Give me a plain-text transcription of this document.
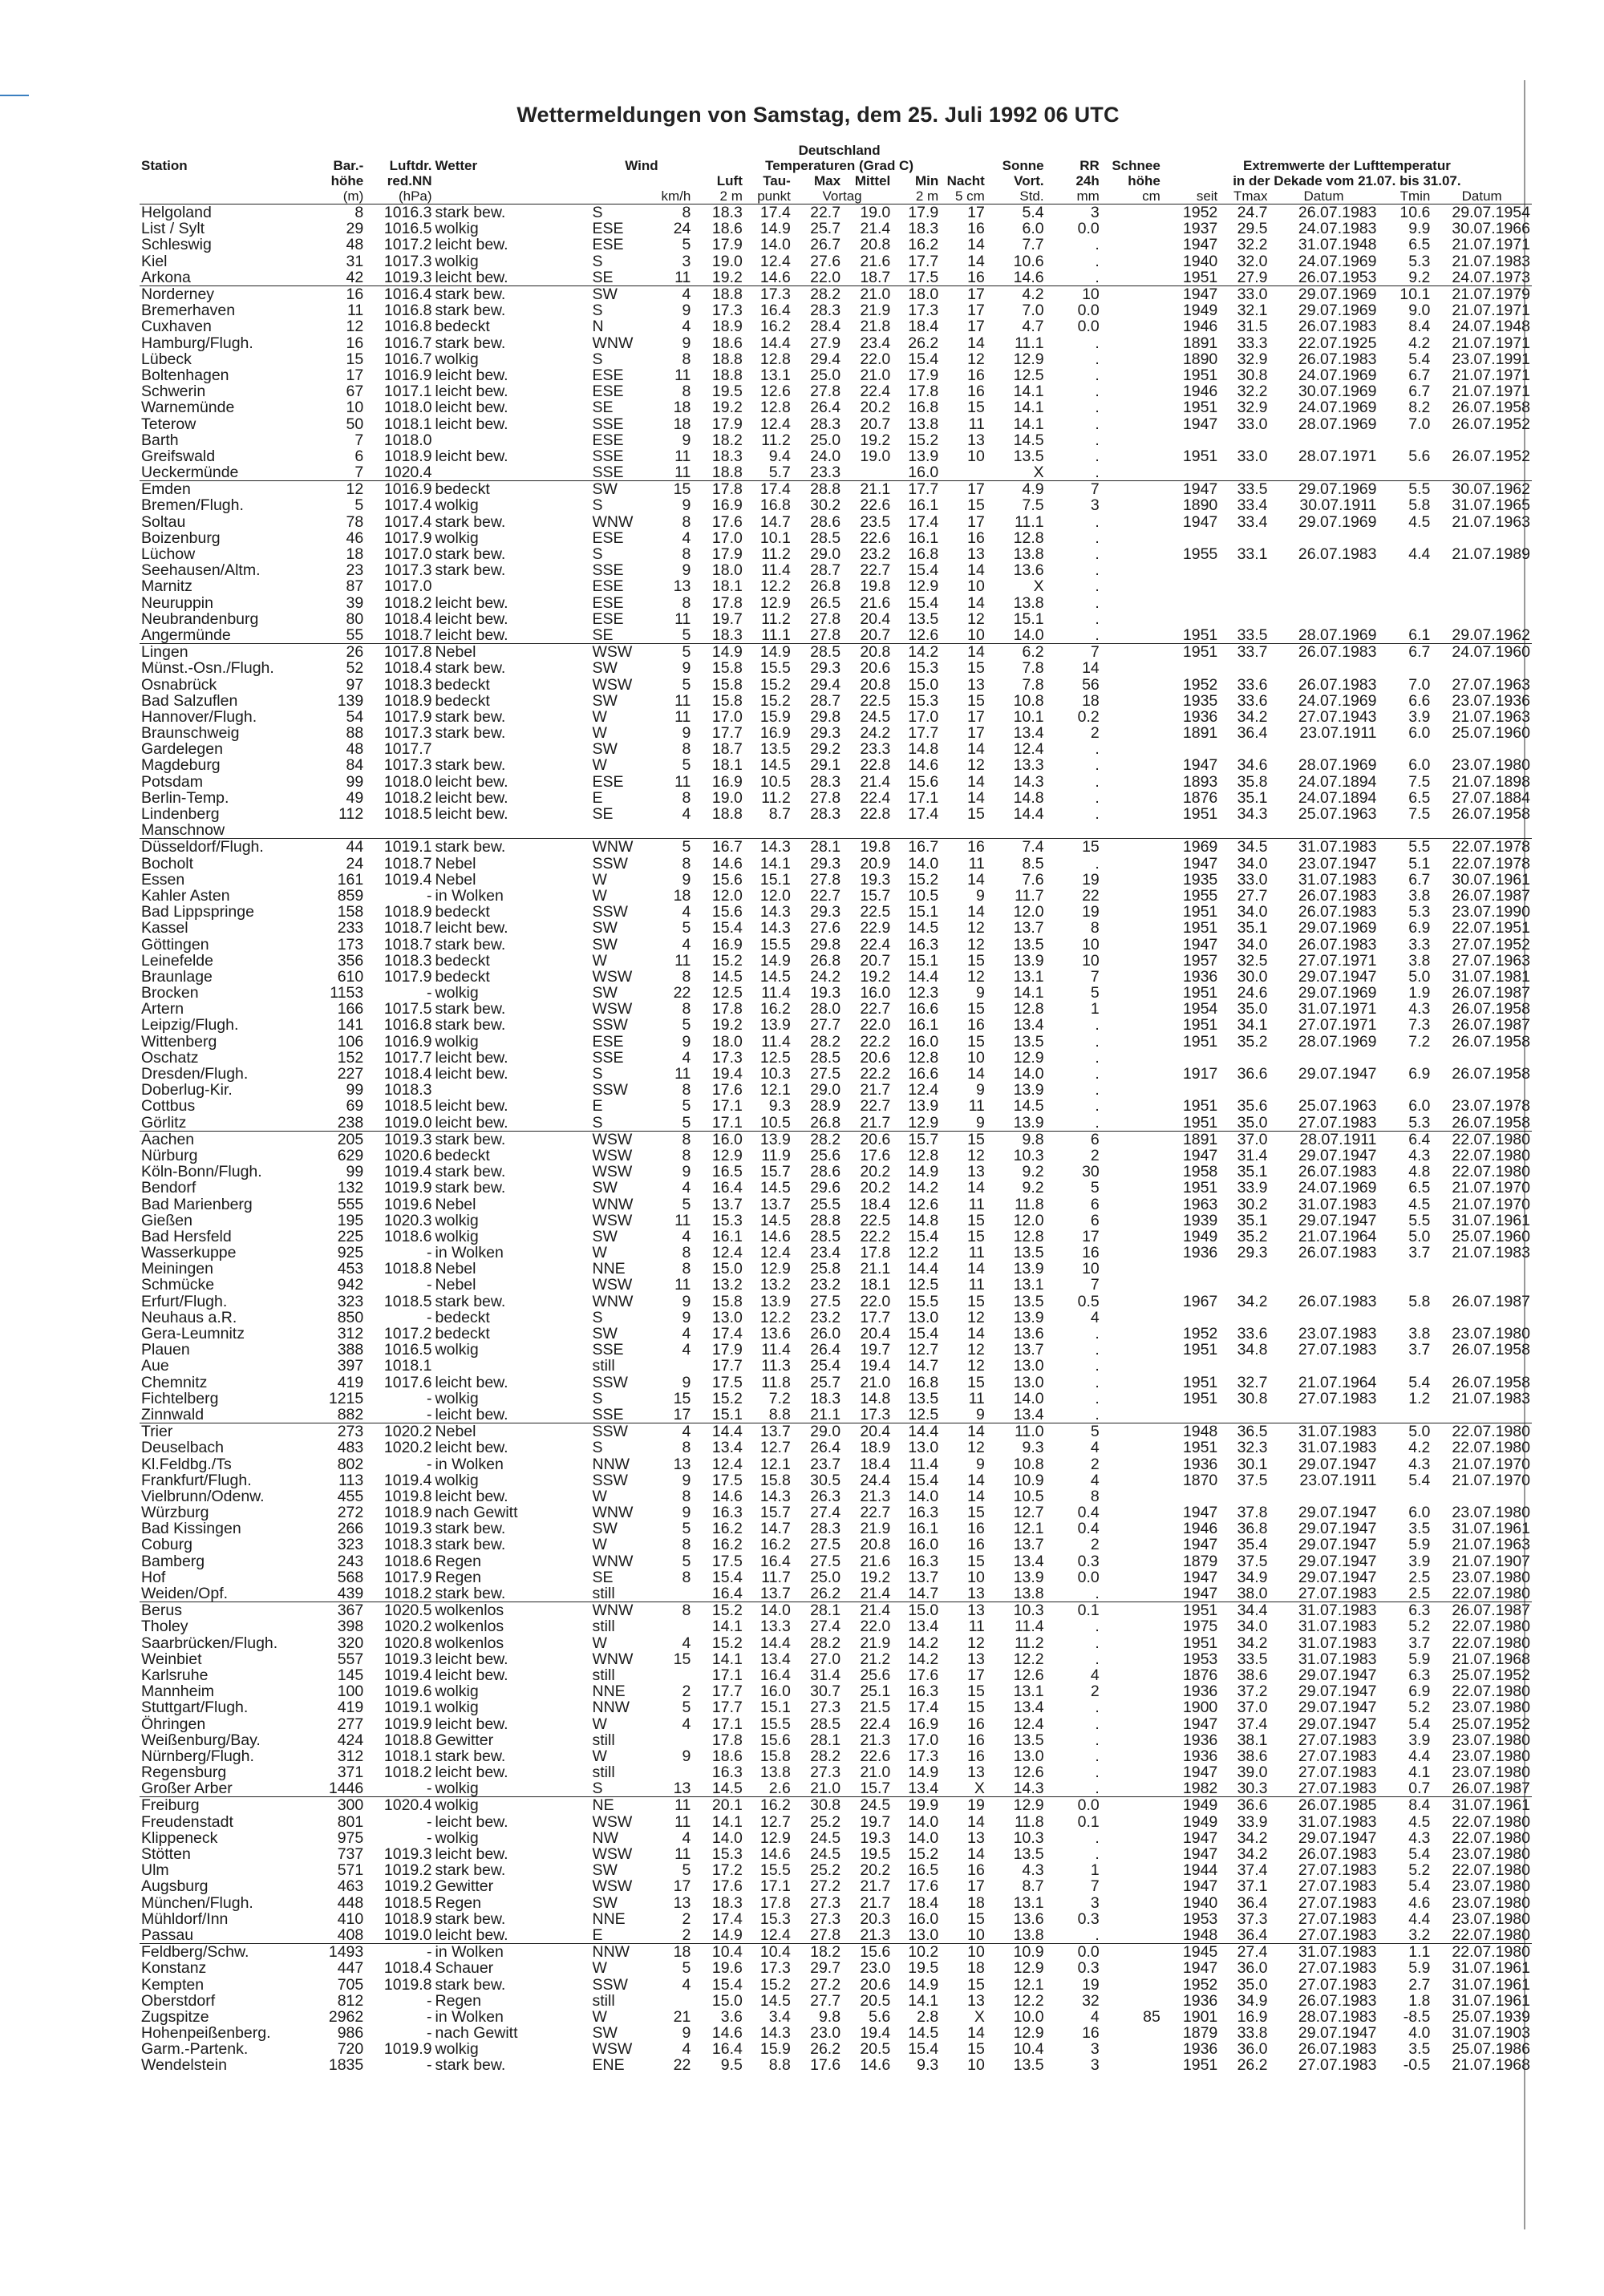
Wettermeldungen von Samstag, dem 25. Juli 1992 06 UTC
						Deutschland													
Station	Bar.-	Luftdr.	Wetter	Wind		Temperaturen (Grad C)						Sonne	RR	Schnee	Extremwerte der Lufttemperatur				
	höhe	red.NN				Luft	Tau-	Max	Mittel	Min	Nacht	Vort.	24h	höhe	in der Dekade vom 21.07. bis 31.07.				
	(m)	(hPa)			km/h	2 m	punkt	Vortag		2 m	5 cm	Std.	mm	cm	seit	Tmax	Datum	Tmin	Datum
Helgoland	8	1016.3	stark bew.	S	8	18.3	17.4	22.7	19.0	17.9	17	5.4	3		1952	24.7	26.07.1983	10.6	29.07.1954
List / Sylt	29	1016.5	wolkig	ESE	24	18.6	14.9	25.7	21.4	18.3	16	6.0	0.0		1937	29.5	24.07.1983	9.9	30.07.1966
Schleswig	48	1017.2	leicht bew.	ESE	5	17.9	14.0	26.7	20.8	16.2	14	7.7	.		1947	32.2	31.07.1948	6.5	21.07.1971
Kiel	31	1017.3	wolkig	S	3	19.0	12.4	27.6	21.6	17.7	14	10.6	.		1940	32.0	24.07.1969	5.3	21.07.1983
Arkona	42	1019.3	leicht bew.	SE	11	19.2	14.6	22.0	18.7	17.5	16	14.6	.		1951	27.9	26.07.1953	9.2	24.07.1973
Norderney	16	1016.4	stark bew.	SW	4	18.8	17.3	28.2	21.0	18.0	17	4.2	10		1947	33.0	29.07.1969	10.1	21.07.1979
Bremerhaven	11	1016.8	stark bew.	S	9	17.3	16.4	28.3	21.9	17.3	17	7.0	0.0		1949	32.1	29.07.1969	9.0	21.07.1971
Cuxhaven	12	1016.8	bedeckt	N	4	18.9	16.2	28.4	21.8	18.4	17	4.7	0.0		1946	31.5	26.07.1983	8.4	24.07.1948
Hamburg/Flugh.	16	1016.7	stark bew.	WNW	9	18.6	14.4	27.9	23.4	26.2	14	11.1	.		1891	33.3	22.07.1925	4.2	21.07.1971
Lübeck	15	1016.7	wolkig	S	8	18.8	12.8	29.4	22.0	15.4	12	12.9	.		1890	32.9	26.07.1983	5.4	23.07.1991
Boltenhagen	17	1016.9	leicht bew.	ESE	11	18.8	13.1	25.0	21.0	17.9	16	12.5	.		1951	30.8	24.07.1969	6.7	21.07.1971
Schwerin	67	1017.1	leicht bew.	ESE	8	19.5	12.6	27.8	22.4	17.8	16	14.1	.		1946	32.2	30.07.1969	6.7	21.07.1971
Warnemünde	10	1018.0	leicht bew.	SE	18	19.2	12.8	26.4	20.2	16.8	15	14.1	.		1951	32.9	24.07.1969	8.2	26.07.1958
Teterow	50	1018.1	leicht bew.	SSE	18	17.9	12.4	28.3	20.7	13.8	11	14.1	.		1947	33.0	28.07.1969	7.0	26.07.1952
Barth	7	1018.0		ESE	9	18.2	11.2	25.0	19.2	15.2	13	14.5	.						
Greifswald	6	1018.9	leicht bew.	SSE	11	18.3	9.4	24.0	19.0	13.9	10	13.5	.		1951	33.0	28.07.1971	5.6	26.07.1952
Ueckermünde	7	1020.4		SSE	11	18.8	5.7	23.3		16.0		X	.						
Emden	12	1016.9	bedeckt	SW	15	17.8	17.4	28.8	21.1	17.7	17	4.9	7		1947	33.5	29.07.1969	5.5	30.07.1962
Bremen/Flugh.	5	1017.4	wolkig	S	9	16.9	16.8	30.2	22.6	16.1	15	7.5	3		1890	33.4	30.07.1911	5.8	31.07.1965
Soltau	78	1017.4	stark bew.	WNW	8	17.6	14.7	28.6	23.5	17.4	17	11.1	.		1947	33.4	29.07.1969	4.5	21.07.1963
Boizenburg	46	1017.9	wolkig	ESE	4	17.0	10.1	28.5	22.6	16.1	16	12.8	.						
Lüchow	18	1017.0	stark bew.	S	8	17.9	11.2	29.0	23.2	16.8	13	13.8	.		1955	33.1	26.07.1983	4.4	21.07.1989
Seehausen/Altm.	23	1017.3	stark bew.	SSE	9	18.0	11.4	28.7	22.7	15.4	14	13.6	.						
Marnitz	87	1017.0		ESE	13	18.1	12.2	26.8	19.8	12.9	10	X	.						
Neuruppin	39	1018.2	leicht bew.	ESE	8	17.8	12.9	26.5	21.6	15.4	14	13.8	.						
Neubrandenburg	80	1018.4	leicht bew.	ESE	11	19.7	11.2	27.8	20.4	13.5	12	15.1	.						
Angermünde	55	1018.7	leicht bew.	SE	5	18.3	11.1	27.8	20.7	12.6	10	14.0	.		1951	33.5	28.07.1969	6.1	29.07.1962
Lingen	26	1017.8	Nebel	WSW	5	14.9	14.9	28.5	20.8	14.2	14	6.2	7		1951	33.7	26.07.1983	6.7	24.07.1960
Münst.-Osn./Flugh.	52	1018.4	stark bew.	SW	9	15.8	15.5	29.3	20.6	15.3	15	7.8	14						
Osnabrück	97	1018.3	bedeckt	WSW	5	15.8	15.2	29.4	20.8	15.0	13	7.8	56		1952	33.6	26.07.1983	7.0	27.07.1963
Bad Salzuflen	139	1018.9	bedeckt	SW	11	15.8	15.2	28.7	22.5	15.3	15	10.8	18		1935	33.6	24.07.1969	6.6	23.07.1936
Hannover/Flugh.	54	1017.9	stark bew.	W	11	17.0	15.9	29.8	24.5	17.0	17	10.1	0.2		1936	34.2	27.07.1943	3.9	21.07.1963
Braunschweig	88	1017.3	stark bew.	W	9	17.7	16.9	29.3	24.2	17.7	17	13.4	2		1891	36.4	23.07.1911	6.0	25.07.1960
Gardelegen	48	1017.7		SW	8	18.7	13.5	29.2	23.3	14.8	14	12.4	.						
Magdeburg	84	1017.3	stark bew.	W	5	18.1	14.5	29.1	22.8	14.6	12	13.3	.		1947	34.6	28.07.1969	6.0	23.07.1980
Potsdam	99	1018.0	leicht bew.	ESE	11	16.9	10.5	28.3	21.4	15.6	14	14.3	.		1893	35.8	24.07.1894	7.5	21.07.1898
Berlin-Temp.	49	1018.2	leicht bew.	E	8	19.0	11.2	27.8	22.4	17.1	14	14.8	.		1876	35.1	24.07.1894	6.5	27.07.1884
Lindenberg	112	1018.5	leicht bew.	SE	4	18.8	8.7	28.3	22.8	17.4	15	14.4	.		1951	34.3	25.07.1963	7.5	26.07.1958
Manschnow																			
Düsseldorf/Flugh.	44	1019.1	stark bew.	WNW	5	16.7	14.3	28.1	19.8	16.7	16	7.4	15		1969	34.5	31.07.1983	5.5	22.07.1978
Bocholt	24	1018.7	Nebel	SSW	8	14.6	14.1	29.3	20.9	14.0	11	8.5	.		1947	34.0	23.07.1947	5.1	22.07.1978
Essen	161	1019.4	Nebel	W	9	15.6	15.1	27.8	19.3	15.2	14	7.6	19		1935	33.0	31.07.1983	6.7	30.07.1961
Kahler Asten	859	-	in Wolken	W	18	12.0	12.0	22.7	15.7	10.5	9	11.7	22		1955	27.7	26.07.1983	3.8	26.07.1987
Bad Lippspringe	158	1018.9	bedeckt	SSW	4	15.6	14.3	29.3	22.5	15.1	14	12.0	19		1951	34.0	26.07.1983	5.3	23.07.1990
Kassel	233	1018.7	leicht bew.	SW	5	15.4	14.3	27.6	22.9	14.5	12	13.7	8		1951	35.1	29.07.1969	6.9	22.07.1951
Göttingen	173	1018.7	stark bew.	SW	4	16.9	15.5	29.8	22.4	16.3	12	13.5	10		1947	34.0	26.07.1983	3.3	27.07.1952
Leinefelde	356	1018.3	bedeckt	W	11	15.2	14.9	26.8	20.7	15.1	15	13.9	10		1957	32.5	27.07.1971	3.8	27.07.1963
Braunlage	610	1017.9	bedeckt	WSW	8	14.5	14.5	24.2	19.2	14.4	12	13.1	7		1936	30.0	29.07.1947	5.0	31.07.1981
Brocken	1153	-	wolkig	SW	22	12.5	11.4	19.3	16.0	12.3	9	14.1	5		1951	24.6	29.07.1969	1.9	26.07.1987
Artern	166	1017.5	stark bew.	WSW	8	17.8	16.2	28.0	22.7	16.6	15	12.8	1		1954	35.0	31.07.1971	4.3	26.07.1958
Leipzig/Flugh.	141	1016.8	stark bew.	SSW	5	19.2	13.9	27.7	22.0	16.1	16	13.4	.		1951	34.1	27.07.1971	7.3	26.07.1987
Wittenberg	106	1016.9	wolkig	ESE	9	18.0	11.4	28.2	22.2	16.0	15	13.5	.		1951	35.2	28.07.1969	7.2	26.07.1958
Oschatz	152	1017.7	leicht bew.	SSE	4	17.3	12.5	28.5	20.6	12.8	10	12.9	.						
Dresden/Flugh.	227	1018.4	leicht bew.	S	11	19.4	10.3	27.5	22.2	16.6	14	14.0	.		1917	36.6	29.07.1947	6.9	26.07.1958
Doberlug-Kir.	99	1018.3		SSW	8	17.6	12.1	29.0	21.7	12.4	9	13.9	.						
Cottbus	69	1018.5	leicht bew.	E	5	17.1	9.3	28.9	22.7	13.9	11	14.5	.		1951	35.6	25.07.1963	6.0	23.07.1978
Görlitz	238	1019.0	leicht bew.	S	5	17.1	10.5	26.8	21.7	12.9	9	13.9	.		1951	35.0	27.07.1983	5.3	26.07.1958
Aachen	205	1019.3	stark bew.	WSW	8	16.0	13.9	28.2	20.6	15.7	15	9.8	6		1891	37.0	28.07.1911	6.4	22.07.1980
Nürburg	629	1020.6	bedeckt	WSW	8	12.9	11.9	25.6	17.6	12.8	12	10.3	2		1947	31.4	29.07.1947	4.3	22.07.1980
Köln-Bonn/Flugh.	99	1019.4	stark bew.	WSW	9	16.5	15.7	28.6	20.2	14.9	13	9.2	30		1958	35.1	26.07.1983	4.8	22.07.1980
Bendorf	132	1019.9	stark bew.	SW	4	16.4	14.5	29.6	20.2	14.2	14	9.2	5		1951	33.9	24.07.1969	6.5	21.07.1970
Bad Marienberg	555	1019.6	Nebel	WNW	5	13.7	13.7	25.5	18.4	12.6	11	11.8	6		1963	30.2	31.07.1983	4.5	21.07.1970
Gießen	195	1020.3	wolkig	WSW	11	15.3	14.5	28.8	22.5	14.8	15	12.0	6		1939	35.1	29.07.1947	5.5	31.07.1961
Bad Hersfeld	225	1018.6	wolkig	SW	4	16.1	14.6	28.5	22.2	15.4	15	12.8	17		1949	35.2	21.07.1964	5.0	25.07.1960
Wasserkuppe	925	-	in Wolken	W	8	12.4	12.4	23.4	17.8	12.2	11	13.5	16		1936	29.3	26.07.1983	3.7	21.07.1983
Meiningen	453	1018.8	Nebel	NNE	8	15.0	12.9	25.8	21.1	14.4	14	13.9	10						
Schmücke	942	-	Nebel	WSW	11	13.2	13.2	23.2	18.1	12.5	11	13.1	7						
Erfurt/Flugh.	323	1018.5	stark bew.	WNW	9	15.8	13.9	27.5	22.0	15.5	15	13.5	0.5		1967	34.2	26.07.1983	5.8	26.07.1987
Neuhaus a.R.	850	-	bedeckt	S	9	13.0	12.2	23.2	17.7	13.0	12	13.9	4						
Gera-Leumnitz	312	1017.2	bedeckt	SW	4	17.4	13.6	26.0	20.4	15.4	14	13.6	.		1952	33.6	23.07.1983	3.8	23.07.1980
Plauen	388	1016.5	wolkig	SSE	4	17.9	11.4	26.4	19.7	12.7	12	13.7	.		1951	34.8	27.07.1983	3.7	26.07.1958
Aue	397	1018.1		still		17.7	11.3	25.4	19.4	14.7	12	13.0	.						
Chemnitz	419	1017.6	leicht bew.	SSW	9	17.5	11.8	25.7	21.0	16.8	15	13.0	.		1951	32.7	21.07.1964	5.4	26.07.1958
Fichtelberg	1215	-	wolkig	S	15	15.2	7.2	18.3	14.8	13.5	11	14.0	.		1951	30.8	27.07.1983	1.2	21.07.1983
Zinnwald	882	-	leicht bew.	SSE	17	15.1	8.8	21.1	17.3	12.5	9	13.4	.						
Trier	273	1020.2	Nebel	SSW	4	14.4	13.7	29.0	20.4	14.4	14	11.0	5		1948	36.5	31.07.1983	5.0	22.07.1980
Deuselbach	483	1020.2	leicht bew.	S	8	13.4	12.7	26.4	18.9	13.0	12	9.3	4		1951	32.3	31.07.1983	4.2	22.07.1980
Kl.Feldbg./Ts	802	-	in Wolken	NNW	13	12.4	12.1	23.7	18.4	11.4	9	10.8	2		1936	30.1	29.07.1947	4.3	21.07.1970
Frankfurt/Flugh.	113	1019.4	wolkig	SSW	9	17.5	15.8	30.5	24.4	15.4	14	10.9	4		1870	37.5	23.07.1911	5.4	21.07.1970
Vielbrunn/Odenw.	455	1019.8	leicht bew.	W	8	14.6	14.3	26.3	21.3	14.0	14	10.5	8						
Würzburg	272	1018.9	nach Gewitt	WNW	9	16.3	15.7	27.4	22.7	16.3	15	12.7	0.4		1947	37.8	29.07.1947	6.0	23.07.1980
Bad Kissingen	266	1019.3	stark bew.	SW	5	16.2	14.7	28.3	21.9	16.1	16	12.1	0.4		1946	36.8	29.07.1947	3.5	31.07.1961
Coburg	323	1018.3	stark bew.	W	8	16.2	16.2	27.5	20.8	16.0	16	13.7	2		1947	35.4	29.07.1947	5.9	21.07.1963
Bamberg	243	1018.6	Regen	WNW	5	17.5	16.4	27.5	21.6	16.3	15	13.4	0.3		1879	37.5	29.07.1947	3.9	21.07.1907
Hof	568	1017.9	Regen	SE	8	15.4	11.7	25.0	19.2	13.7	10	13.9	0.0		1947	34.9	29.07.1947	2.5	23.07.1980
Weiden/Opf.	439	1018.2	stark bew.	still		16.4	13.7	26.2	21.4	14.7	13	13.8	.		1947	38.0	27.07.1983	2.5	22.07.1980
Berus	367	1020.5	wolkenlos	WNW	8	15.2	14.0	28.1	21.4	15.0	13	10.3	0.1		1951	34.4	31.07.1983	6.3	26.07.1987
Tholey	398	1020.2	wolkenlos	still		14.1	13.3	27.4	22.0	13.4	11	11.4	.		1975	34.0	31.07.1983	5.2	22.07.1980
Saarbrücken/Flugh.	320	1020.8	wolkenlos	W	4	15.2	14.4	28.2	21.9	14.2	12	11.2	.		1951	34.2	31.07.1983	3.7	22.07.1980
Weinbiet	557	1019.3	leicht bew.	WNW	15	14.1	13.4	27.0	21.2	14.2	13	12.2	.		1953	33.5	31.07.1983	5.9	21.07.1968
Karlsruhe	145	1019.4	leicht bew.	still		17.1	16.4	31.4	25.6	17.6	17	12.6	4		1876	38.6	29.07.1947	6.3	25.07.1952
Mannheim	100	1019.6	wolkig	NNE	2	17.7	16.0	30.7	25.1	16.3	15	13.1	2		1936	37.2	29.07.1947	6.9	22.07.1980
Stuttgart/Flugh.	419	1019.1	wolkig	NNW	5	17.7	15.1	27.3	21.5	17.4	15	13.4	.		1900	37.0	29.07.1947	5.2	23.07.1980
Öhringen	277	1019.9	leicht bew.	W	4	17.1	15.5	28.5	22.4	16.9	16	12.4	.		1947	37.4	29.07.1947	5.4	25.07.1952
Weißenburg/Bay.	424	1018.8	Gewitter	still		17.8	15.6	28.1	21.3	17.0	16	13.5	.		1936	38.1	27.07.1983	3.9	23.07.1980
Nürnberg/Flugh.	312	1018.1	stark bew.	W	9	18.6	15.8	28.2	22.6	17.3	16	13.0	.		1936	38.6	27.07.1983	4.4	23.07.1980
Regensburg	371	1018.2	leicht bew.	still		16.3	13.8	27.3	21.0	14.9	13	12.6	.		1947	39.0	27.07.1983	4.1	23.07.1980
Großer Arber	1446	-	wolkig	S	13	14.5	2.6	21.0	15.7	13.4	X	14.3	.		1982	30.3	27.07.1983	0.7	26.07.1987
Freiburg	300	1020.4	wolkig	NE	11	20.1	16.2	30.8	24.5	19.9	19	12.9	0.0		1949	36.6	26.07.1985	8.4	31.07.1961
Freudenstadt	801	-	leicht bew.	WSW	11	14.1	12.7	25.2	19.7	14.0	14	11.8	0.1		1949	33.9	31.07.1983	4.5	22.07.1980
Klippeneck	975	-	wolkig	NW	4	14.0	12.9	24.5	19.3	14.0	13	10.3	.		1947	34.2	29.07.1947	4.3	22.07.1980
Stötten	737	1019.3	leicht bew.	WSW	11	15.3	14.6	24.5	19.5	15.2	14	13.5	.		1947	34.2	26.07.1983	5.4	23.07.1980
Ulm	571	1019.2	stark bew.	SW	5	17.2	15.5	25.2	20.2	16.5	16	4.3	1		1944	37.4	27.07.1983	5.2	22.07.1980
Augsburg	463	1019.2	Gewitter	WSW	17	17.6	17.1	27.2	21.7	17.6	17	8.7	7		1947	37.1	27.07.1983	5.4	23.07.1980
München/Flugh.	448	1018.5	Regen	SW	13	18.3	17.8	27.3	21.7	18.4	18	13.1	3		1940	36.4	27.07.1983	4.6	23.07.1980
Mühldorf/Inn	410	1018.9	stark bew.	NNE	2	17.4	15.3	27.3	20.3	16.0	15	13.6	0.3		1953	37.3	27.07.1983	4.4	23.07.1980
Passau	408	1019.0	leicht bew.	E	2	14.9	12.4	27.8	21.3	13.0	10	13.8	.		1948	36.4	27.07.1983	3.2	22.07.1980
Feldberg/Schw.	1493	-	in Wolken	NNW	18	10.4	10.4	18.2	15.6	10.2	10	10.9	0.0		1945	27.4	31.07.1983	1.1	22.07.1980
Konstanz	447	1018.4	Schauer	W	5	19.6	17.3	29.7	23.0	19.5	18	12.9	0.3		1947	36.0	27.07.1983	5.9	31.07.1961
Kempten	705	1019.8	stark bew.	SSW	4	15.4	15.2	27.2	20.6	14.9	15	12.1	19		1952	35.0	27.07.1983	2.7	31.07.1961
Oberstdorf	812	-	Regen	still		15.0	14.5	27.7	20.5	14.1	13	12.2	32		1936	34.9	26.07.1983	1.8	31.07.1961
Zugspitze	2962	-	in Wolken	W	21	3.6	3.4	9.8	5.6	2.8	X	10.0	4	85	1901	16.9	28.07.1983	-8.5	25.07.1939
Hohenpeißenberg.	986	-	nach Gewitt	SW	9	14.6	14.3	23.0	19.4	14.5	14	12.9	16		1879	33.8	29.07.1947	4.0	31.07.1903
Garm.-Partenk.	720	1019.9	wolkig	WSW	4	16.4	15.9	26.2	20.5	15.4	15	10.4	3		1936	36.0	26.07.1983	3.5	25.07.1986
Wendelstein	1835	-	stark bew.	ENE	22	9.5	8.8	17.6	14.6	9.3	10	13.5	3		1951	26.2	27.07.1983	-0.5	21.07.1968
